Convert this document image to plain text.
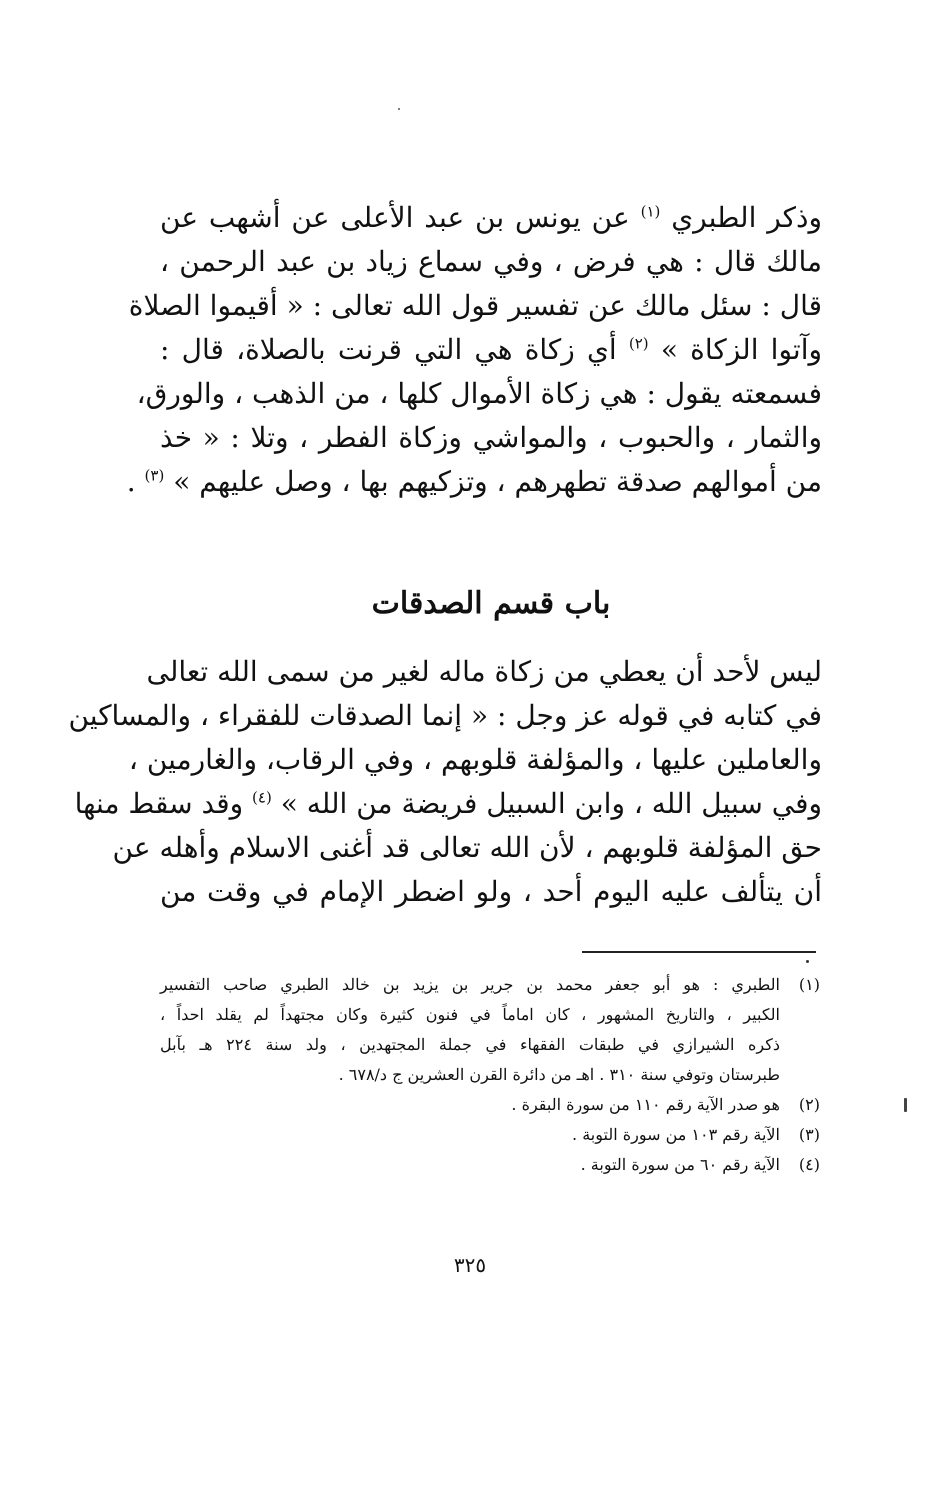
وذكر الطبري $^{(١)}$ عن يونس بن عبد الأعلى عن أشهب عن
مالك قال : هي فرض ، وفي سماع زياد بن عبد الرحمن ،
قال : سئل مالك عن تفسير قول الله تعالى : « أقيموا الصلاة
وآتوا الزكاة » $^{(٢)}$ أي زكاة هي التي قرنت بالصلاة، قال :
فسمعته يقول : هي زكاة الأموال كلها ، من الذهب ، والورق،
والثمار ، والحبوب ، والمواشي وزكاة الفطر ، وتلا : « خذ
من أموالهم صدقة تطهرهم ، وتزكيهم بها ، وصل عليهم » $^{(٣)}$ .
باب قسم الصدقات
ليس لأحد أن يعطي من زكاة ماله لغير من سمى الله تعالى
في كتابه في قوله عز وجل : « إنما الصدقات للفقراء ، والمساكين
والعاملين عليها ، والمؤلفة قلوبهم ، وفي الرقاب، والغارمين ،
وفي سبيل الله ، وابن السبيل فريضة من الله » $^{(٤)}$ وقد سقط منها
حق المؤلفة قلوبهم ، لأن الله تعالى قد أغنى الاسلام وأهله عن
أن يتألف عليه اليوم أحد ، ولو اضطر الإمام في وقت من
(١)
الطبري : هو أبو جعفر محمد بن جرير بن يزيد بن خالد الطبري صاحب التفسير
الكبير ، والتاريخ المشهور ، كان اماماً في فنون كثيرة وكان مجتهداً لم يقلد احداً ،
ذكره الشيرازي في طبقات الفقهاء في جملة المجتهدين ، ولد سنة ٢٢٤ هـ بآبل
طبرستان وتوفي سنة ٣١٠ . اهـ من دائرة القرن العشرين ج د/٦٧٨ .
(٢)
هو صدر الآية رقم ١١٠ من سورة البقرة .
(٣)
الآية رقم ١٠٣ من سورة التوبة .
(٤)
الآية رقم ٦٠ من سورة التوبة .
٣٢٥
